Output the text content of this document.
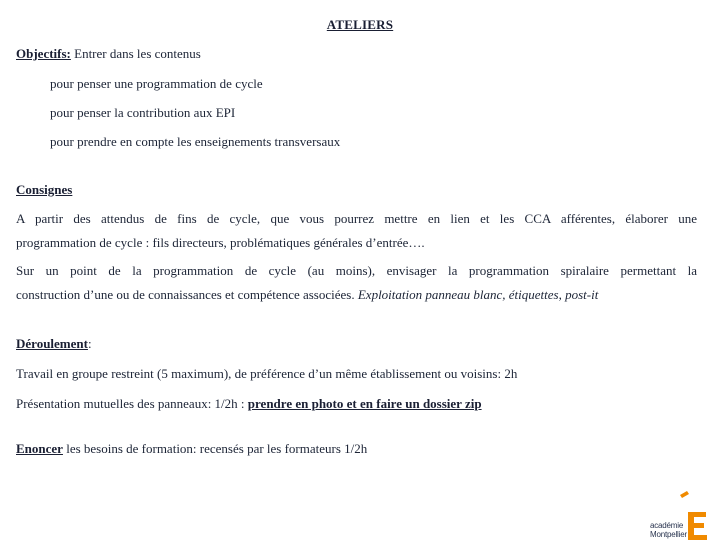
ATELIERS
Objectifs: Entrer dans les contenus
pour penser une programmation de cycle
pour penser la contribution aux EPI
pour prendre en compte les enseignements transversaux
Consignes
A partir des attendus de fins de cycle, que vous pourrez mettre en lien et les CCA afférentes, élaborer une
programmation de cycle : fils directeurs, problématiques générales d’entrée….
Sur un point de la programmation de cycle (au moins), envisager la programmation spiralaire permettant la
construction d’une ou de connaissances et compétence associées. Exploitation panneau blanc, étiquettes, post-it
Déroulement:
Travail en groupe restreint (5 maximum), de préférence d’un même établissement ou voisins: 2h
Présentation mutuelles des panneaux: 1/2h : prendre en photo et en faire un dossier zip
Enoncer les besoins de formation: recensés par les formateurs 1/2h
académie
Montpellier
